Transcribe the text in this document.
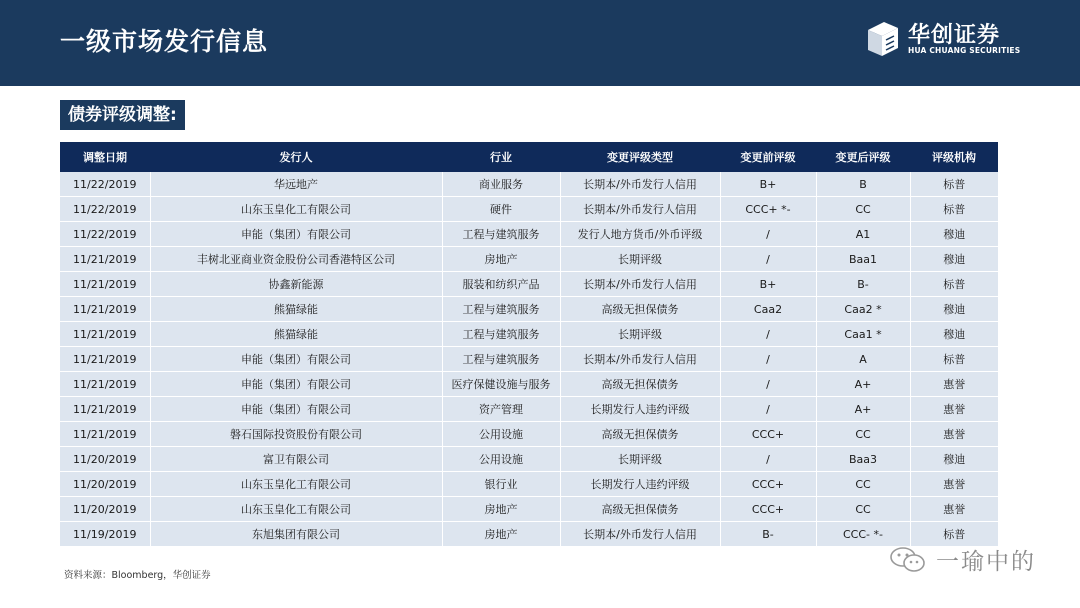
一级市场发行信息	华创证券
HUA CHUANG SECURITIES
债券评级调整:
调整日期	发行人	行业	变更评级类型	变更前评级	变更后评级	评级机构
11/22/2019	华远地产	商业服务	长期本/外币发行人信用	B+	B	标普
11/22/2019	山东玉皇化工有限公司	硬件	长期本/外币发行人信用	CCC+ *-	CC	标普
11/22/2019	申能（集团）有限公司	工程与建筑服务	发行人地方货币/外币评级	/	A1	穆迪
11/21/2019	丰树北亚商业资金股份公司香港特区公司	房地产	长期评级	/	Baa1	穆迪
11/21/2019	协鑫新能源	服装和纺织产品	长期本/外币发行人信用	B+	B-	标普
11/21/2019	熊猫绿能	工程与建筑服务	高级无担保债务	Caa2	Caa2 *	穆迪
11/21/2019	熊猫绿能	工程与建筑服务	长期评级	/	Caa1 *	穆迪
11/21/2019	申能（集团）有限公司	工程与建筑服务	长期本/外币发行人信用	/	A	标普
11/21/2019	申能（集团）有限公司	医疗保健设施与服务	高级无担保债务	/	A+	惠誉
11/21/2019	申能（集团）有限公司	资产管理	长期发行人违约评级	/	A+	惠誉
11/21/2019	磐石国际投资股份有限公司	公用设施	高级无担保债务	CCC+	CC	惠誉
11/20/2019	富卫有限公司	公用设施	长期评级	/	Baa3	穆迪
11/20/2019	山东玉皇化工有限公司	银行业	长期发行人违约评级	CCC+	CC	惠誉
11/20/2019	山东玉皇化工有限公司	房地产	高级无担保债务	CCC+	CC	惠誉
11/19/2019	东旭集团有限公司	房地产	长期本/外币发行人信用	B-	CCC- *-	标普
资料来源：Bloomberg，华创证券
一瑜中的
